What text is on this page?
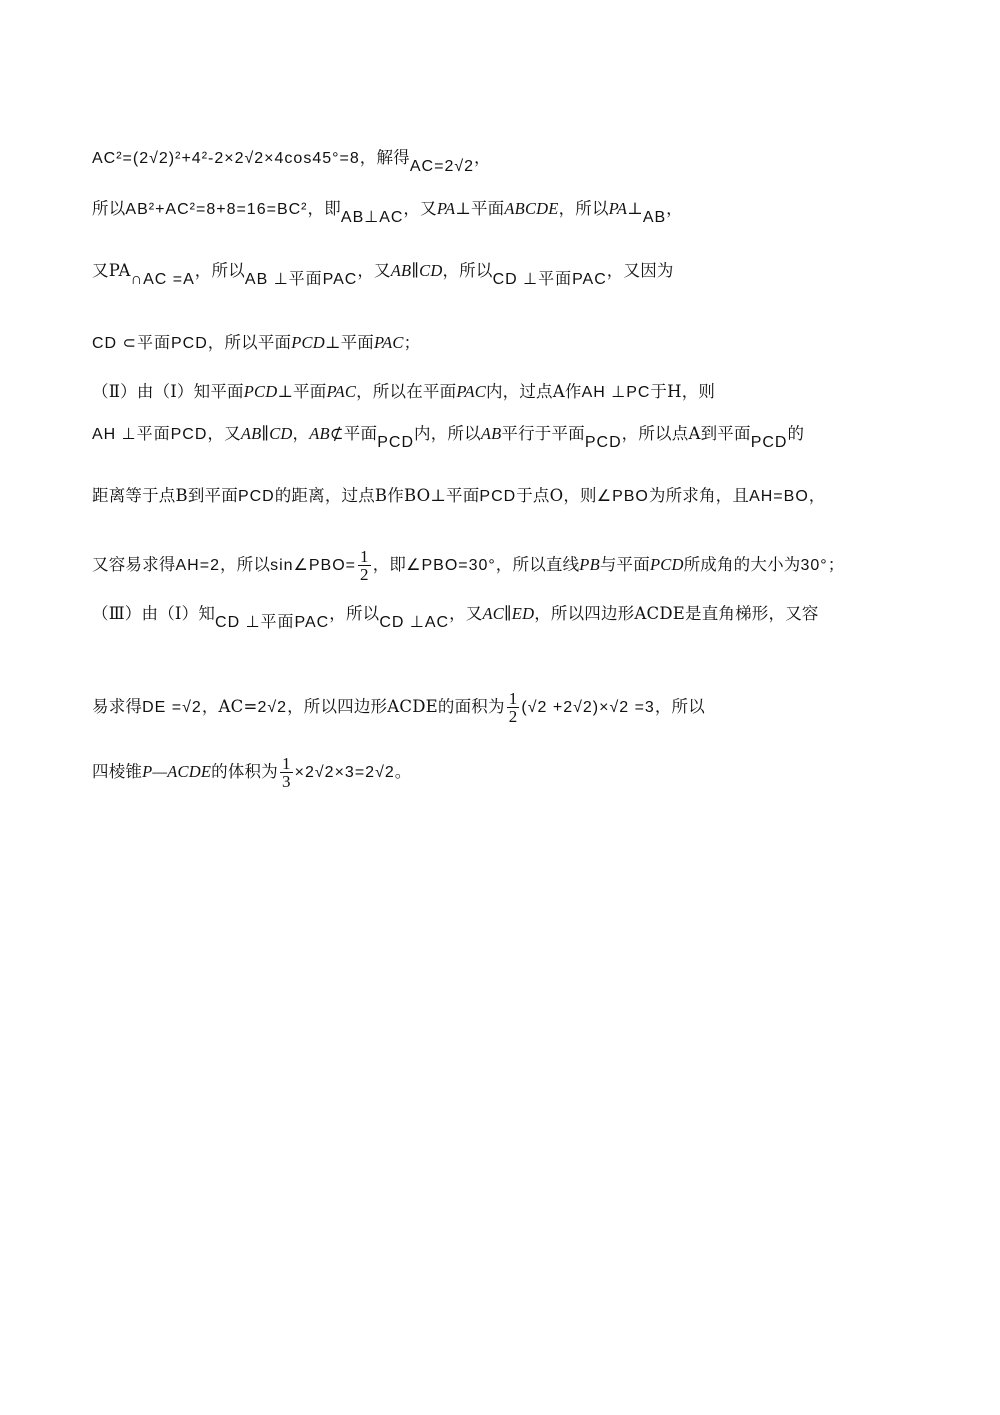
AC²=(2√2)²+4²-2×2√2×4cos45°=8，解得AC=2√2，
所以AB²+AC²=8+8=16=BC²，即AB⊥AC，又PA⊥平面ABCDE，所以PA⊥AB，
又PA∩AC =A，所以AB ⊥平面PAC，又AB∥CD，所以CD ⊥平面PAC，又因为
CD ⊂平面PCD，所以平面PCD⊥平面PAC；
（Ⅱ）由（Ⅰ）知平面PCD⊥平面PAC，所以在平面PAC内，过点A作AH ⊥PC于H，则
AH ⊥平面PCD，又AB∥CD，AB⊄平面PCD内，所以AB平行于平面PCD，所以点A到平面PCD的
距离等于点B到平面PCD的距离，过点B作BO⊥平面PCD于点O，则∠PBO为所求角，且AH=BO，
又容易求得AH=2，所以sin∠PBO= $\frac{1}{2}$ ，即∠PBO=30°，所以直线PB与平面PCD所成角的大小为30°；
（Ⅲ）由（Ⅰ）知CD ⊥平面PAC，所以CD ⊥AC，又AC∥ED，所以四边形ACDE是直角梯形，又容
易求得DE =√2，AC=2√2，所以四边形ACDE的面积为 $\frac{1}{2} (√2 +2√2)\times√2 =3$，所以
四棱锥P—ACDE的体积为 $\frac{1}{3} \times 2√2\times 3=2√2$。
